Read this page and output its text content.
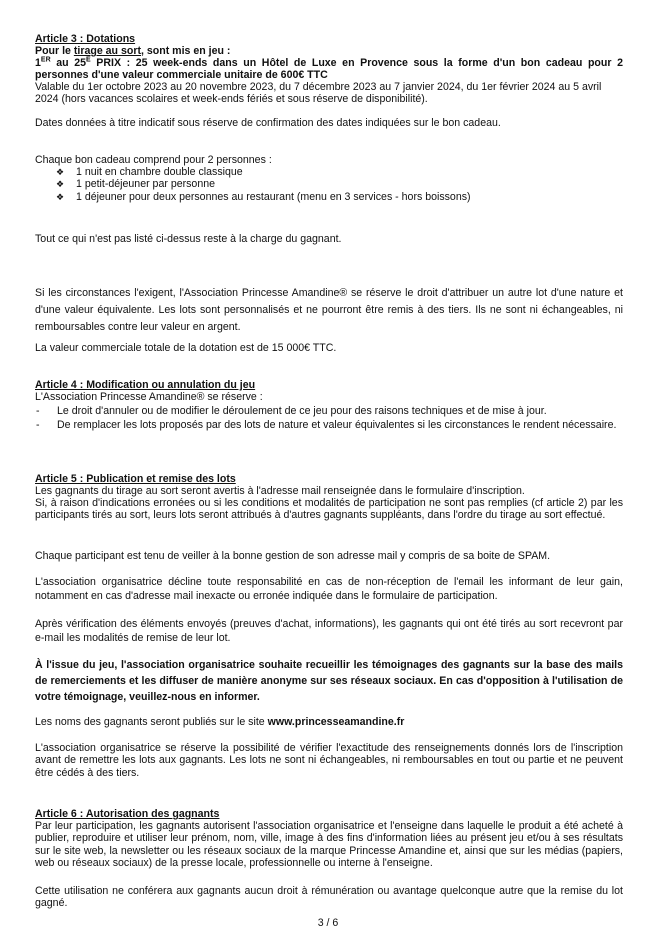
Article 3 : Dotations

Pour le tirage au sort, sont mis en jeu :

1ER au $25^E$ PRIX : 25 week-ends dans un Hôtel de Luxe en Provence sous la forme d'un bon cadeau pour 2 personnes d'une valeur commerciale unitaire de 600€ TTC

Valable du 1er octobre 2023 au 20 novembre 2023, du 7 décembre 2023 au 7 janvier 2024, du 1er février 2024 au 5 avril 2024 (hors vacances scolaires et week-ends fériés et sous réserve de disponibilité).

Dates données à titre indicatif sous réserve de confirmation des dates indiquées sur le bon cadeau.

Chaque bon cadeau comprend pour 2 personnes :

❖ 1 nuit en chambre double classique
❖ 1 petit-déjeuner par personne
❖ 1 déjeuner pour deux personnes au restaurant (menu en 3 services - hors boissons)

Tout ce qui n'est pas listé ci-dessus reste à la charge du gagnant.

Si les circonstances l'exigent, l'Association Princesse Amandine® se réserve le droit d'attribuer un autre lot d'une nature et d'une valeur équivalente. Les lots sont personnalisés et ne pourront être remis à des tiers. Ils ne sont ni échangeables, ni remboursables contre leur valeur en argent.

La valeur commerciale totale de la dotation est de 15 000€ TTC.

Article 4 : Modification ou annulation du jeu

L'Association Princesse Amandine® se réserve :

- Le droit d'annuler ou de modifier le déroulement de ce jeu pour des raisons techniques et de mise à jour.
- De remplacer les lots proposés par des lots de nature et valeur équivalentes si les circonstances le rendent nécessaire.

Article 5 : Publication et remise des lots

Les gagnants du tirage au sort seront avertis à l'adresse mail renseignée dans le formulaire d'inscription.

Si, à raison d'indications erronées ou si les conditions et modalités de participation ne sont pas remplies (cf article 2) par les participants tirés au sort, leurs lots seront attribués à d'autres gagnants suppléants, dans l'ordre du tirage au sort effectué.

Chaque participant est tenu de veiller à la bonne gestion de son adresse mail y compris de sa boite de SPAM.

L'association organisatrice décline toute responsabilité en cas de non-réception de l'email les informant de leur gain, notamment en cas d'adresse mail inexacte ou erronée indiquée dans le formulaire de participation.

Après vérification des éléments envoyés (preuves d'achat, informations), les gagnants qui ont été tirés au sort recevront par e-mail les modalités de remise de leur lot.

À l'issue du jeu, l'association organisatrice souhaite recueillir les témoignages des gagnants sur la base des mails de remerciements et les diffuser de manière anonyme sur ses réseaux sociaux. En cas d'opposition à l'utilisation de votre témoignage, veuillez-nous en informer.

Les noms des gagnants seront publiés sur le site www.princesseamandine.fr

L'association organisatrice se réserve la possibilité de vérifier l'exactitude des renseignements donnés lors de l'inscription avant de remettre les lots aux gagnants. Les lots ne sont ni échangeables, ni remboursables en tout ou partie et ne peuvent être cédés à des tiers.

Article 6 : Autorisation des gagnants

Par leur participation, les gagnants autorisent l'association organisatrice et l'enseigne dans laquelle le produit a été acheté à publier, reproduire et utiliser leur prénom, nom, ville, image à des fins d'information liées au présent jeu et/ou à ses résultats sur le site web, la newsletter ou les réseaux sociaux de la marque Princesse Amandine et, ainsi que sur les médias (papiers, web ou réseaux sociaux) de la presse locale, professionnelle ou interne à l'enseigne.

Cette utilisation ne conférera aux gagnants aucun droit à rémunération ou avantage quelconque autre que la remise du lot gagné.

3 / 6
